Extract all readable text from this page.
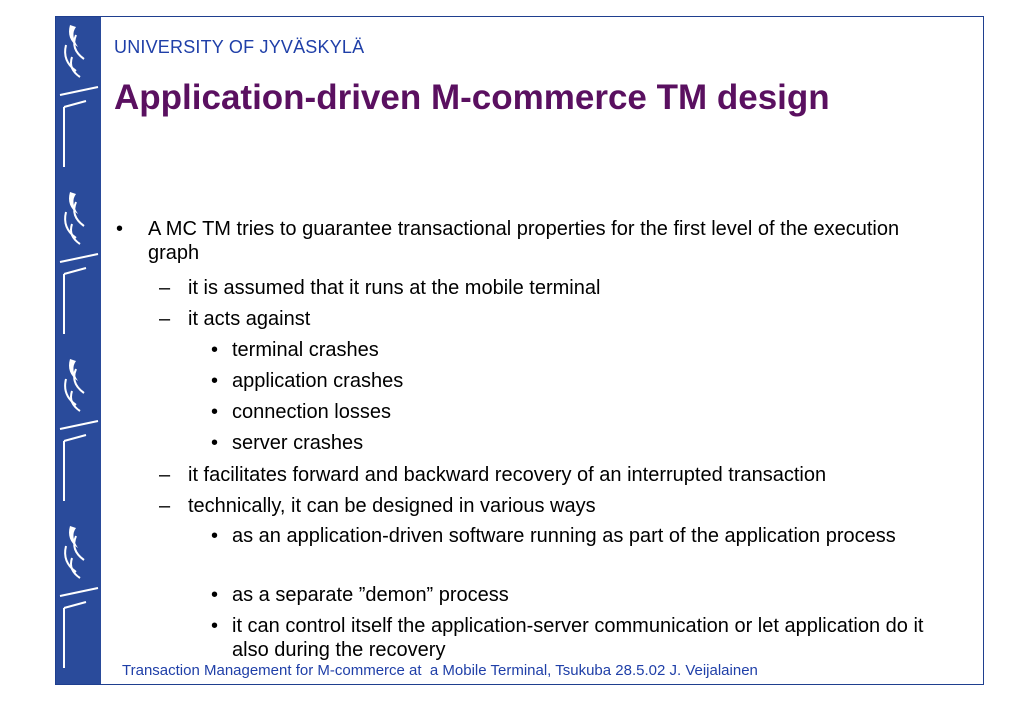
UNIVERSITY OF JYVÄSKYLÄ
Application-driven M-commerce TM design
• A MC TM tries to guarantee transactional properties for the first level of the execution graph
– it is assumed that it runs at the mobile terminal
– it acts against
• terminal crashes
• application crashes
• connection losses
• server crashes
– it facilitates forward and backward recovery of an interrupted transaction
– technically, it can be designed in various ways
• as an application-driven software running as part of the application process
• as a separate ”demon” process
• it can control itself the application-server communication or let application do it also during the recovery
Transaction Management for M-commerce at  a Mobile Terminal, Tsukuba 28.5.02 J. Veijalainen
